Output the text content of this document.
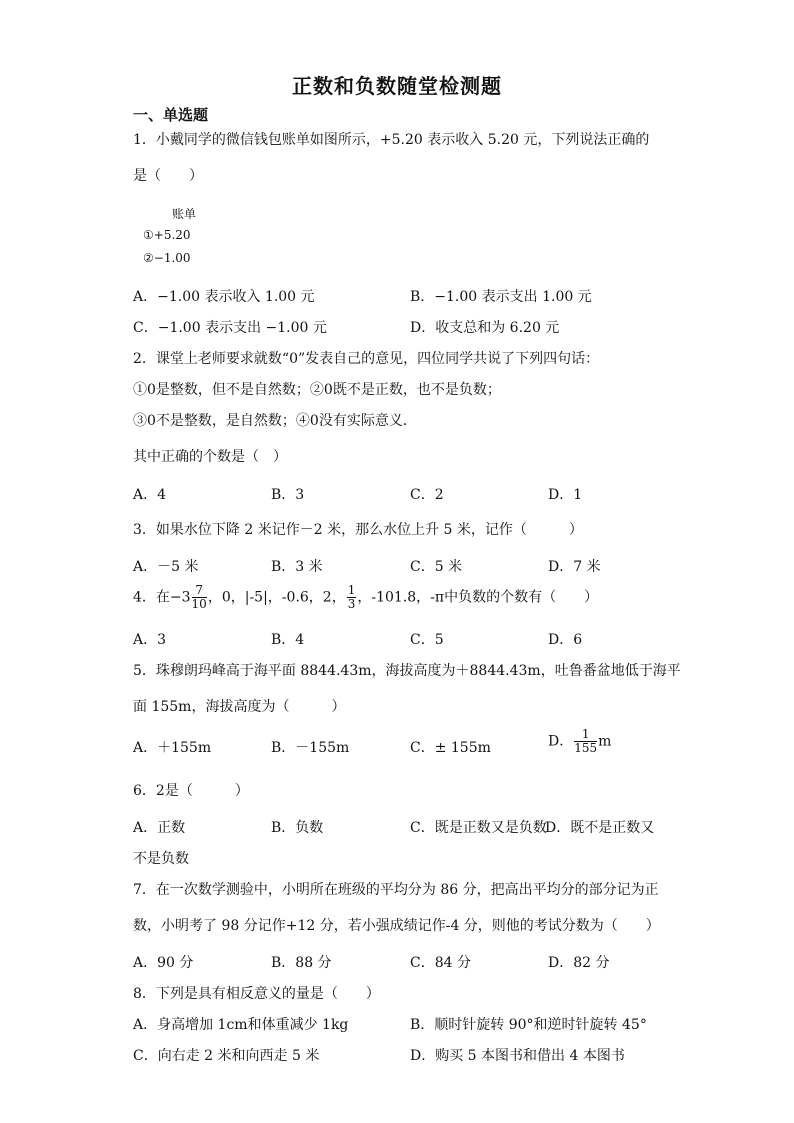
正数和负数随堂检测题
一、单选题
1．小戴同学的微信钱包账单如图所示，+5.20 表示收入 5.20 元，下列说法正确的
是（　　）
账单
①+5.20
②−1.00
A．−1.00 表示收入 1.00 元	B．−1.00 表示支出 1.00 元
C．−1.00 表示支出 −1.00 元	D．收支总和为 6.20 元
2．课堂上老师要求就数“0”发表自己的意见，四位同学共说了下列四句话：
①0是整数，但不是自然数；②0既不是正数，也不是负数；
③0不是整数，是自然数；④0没有实际意义．
其中正确的个数是（　）
A．4	B．3	C．2	D．1
3．如果水位下降 2 米记作－2 米，那么水位上升 5 米，记作（　　　）
A．－5 米	B．3 米	C．5 米	D．7 米
4．在$-3 \frac{7}{10}$ ，0，|-5|，-0.6，2， $\frac{1}{3}$ ，-101.8，-π中负数的个数有（　　）
A．3	B．4	C．5	D．6
5．珠穆朗玛峰高于海平面 8844.43m，海拔高度为＋8844.43m，吐鲁番盆地低于海平
面 155m，海拔高度为（　　　）
A．＋155m	B．－155m	C．± 155m	D． $\frac{1}{155}$ m
6．2是（　　　）
A．正数	B．负数	C．既是正数又是负数
D．既不是正数又
不是负数
7．在一次数学测验中，小明所在班级的平均分为 86 分，把高出平均分的部分记为正
数，小明考了 98 分记作+12 分，若小强成绩记作-4 分，则他的考试分数为（　　）
A．90 分	B．88 分	C．84 分	D．82 分
8．下列是具有相反意义的量是（　　）
A．身高增加 1cm和体重减少 1kg	B．顺时针旋转 90°和逆时针旋转 45°
C．向右走 2 米和向西走 5 米	D．购买 5 本图书和借出 4 本图书
